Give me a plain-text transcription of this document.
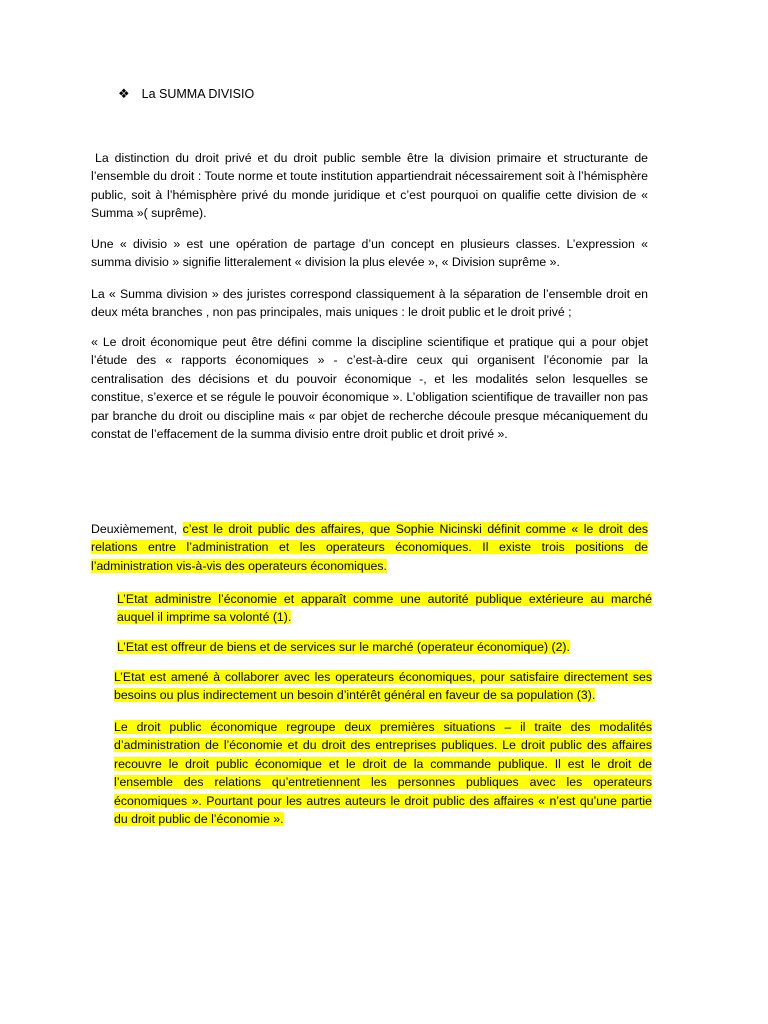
❖ La SUMMA DIVISIO

La distinction du droit privé et du droit public semble être la division primaire et structurante de l’ensemble du droit : Toute norme et toute institution appartiendrait nécessairement soit à l’hémisphère public, soit à l’hémisphère privé du monde juridique et c’est pourquoi on qualifie cette division de « Summa »( suprême).

Une « divisio » est une opération de partage d’un concept en plusieurs classes. L’expression « summa divisio » signifie litteralement « division la plus elevée », « Division suprême ».

La « Summa division » des juristes correspond classiquement à la séparation de l’ensemble droit en deux méta branches , non pas principales, mais uniques : le droit public et le droit privé ;

« Le droit économique peut être défini comme la discipline scientifique et pratique qui a pour objet l’étude des « rapports économiques » - c’est-à-dire ceux qui organisent l’économie par la centralisation des décisions et du pouvoir économique -, et les modalités selon lesquelles se constitue, s’exerce et se régule le pouvoir économique ». L’obligation scientifique de travailler non pas par branche du droit ou discipline mais « par objet de recherche découle presque mécaniquement du constat de l’effacement de la summa divisio entre droit public et droit privé ».

Deuxièmement, c’est le droit public des affaires, que Sophie Nicinski définit comme « le droit des relations entre l’administration et les operateurs économiques. Il existe trois positions de l’administration vis-à-vis des operateurs économiques.

L’Etat administre l’économie et apparaît comme une autorité publique extérieure au marché auquel il imprime sa volonté (1).

L’Etat est offreur de biens et de services sur le marché (operateur économique) (2).

L’Etat est amené à collaborer avec les operateurs économiques, pour satisfaire directement ses besoins ou plus indirectement un besoin d’intérêt général en faveur de sa population (3).

Le droit public économique regroupe deux premières situations – il traite des modalités d’administration de l’économie et du droit des entreprises publiques. Le droit public des affaires recouvre le droit public économique et le droit de la commande publique. Il est le droit de l’ensemble des relations qu’entretiennent les personnes publiques avec les operateurs économiques ». Pourtant pour les autres auteurs le droit public des affaires « n’est qu’une partie du droit public de l’économie ».
